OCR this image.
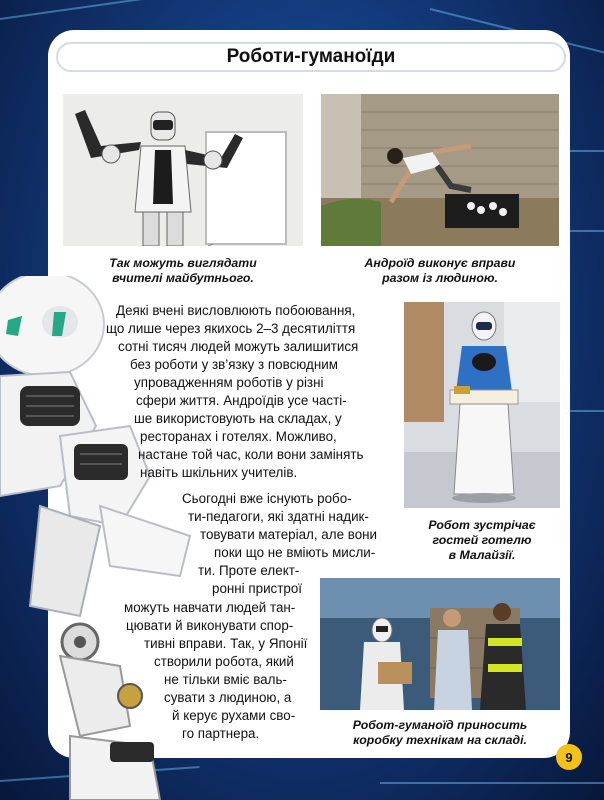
Роботи-гуманоїди
Так можуть виглядати
вчителі майбутнього.
Андроїд виконує вправи
разом із людиною.
Робот зустрічає
гостей готелю
в Малайзії.
Робот-гуманоїд приносить
коробку технікам на складі.
Деякі вчені висловлюють побоювання,
що лише через якихось 2–3 десятиліття
сотні тисяч людей можуть залишитися
без роботи у зв’язку з повсюдним
упровадженням роботів у різні
сфери життя. Андроїдів усе часті-
ше використовують на складах, у
ресторанах і готелях. Можливо,
настане той час, коли вони замінять
навіть шкільних учителів.
Сьогодні вже існують робо-
ти-педагоги, які здатні надик-
товувати матеріал, але вони
поки що не вміють мисли-
ти. Проте елект-
ронні пристрої
можуть навчати людей тан-
цювати й виконувати спор-
тивні вправи. Так, у Японії
створили робота, який
не тільки вміє валь-
сувати з людиною, а
й керує рухами сво-
го партнера.
9
